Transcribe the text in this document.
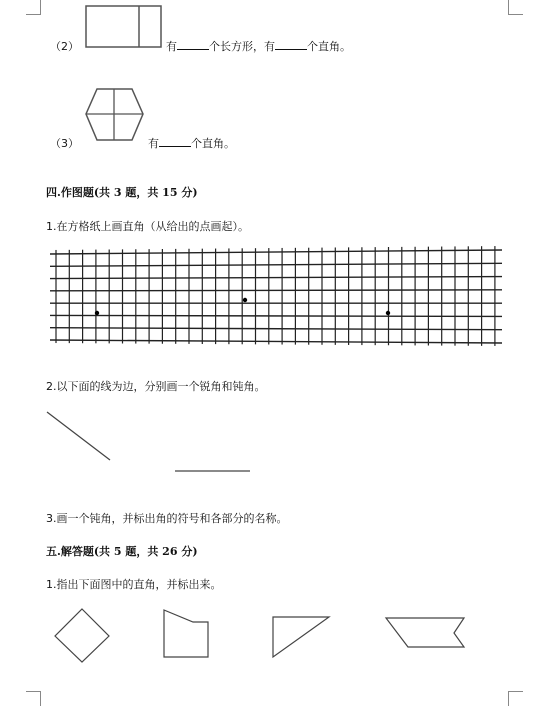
（2）	有	个长方形，有	个直角。
（3）	有	个直角。
四.作图题(共 3 题，共 15 分)
1.在方格纸上画直角（从给出的点画起）。
2.以下面的线为边，分别画一个锐角和钝角。
3.画一个钝角，并标出角的符号和各部分的名称。
五.解答题(共 5 题，共 26 分)
1.指出下面图中的直角，并标出来。
